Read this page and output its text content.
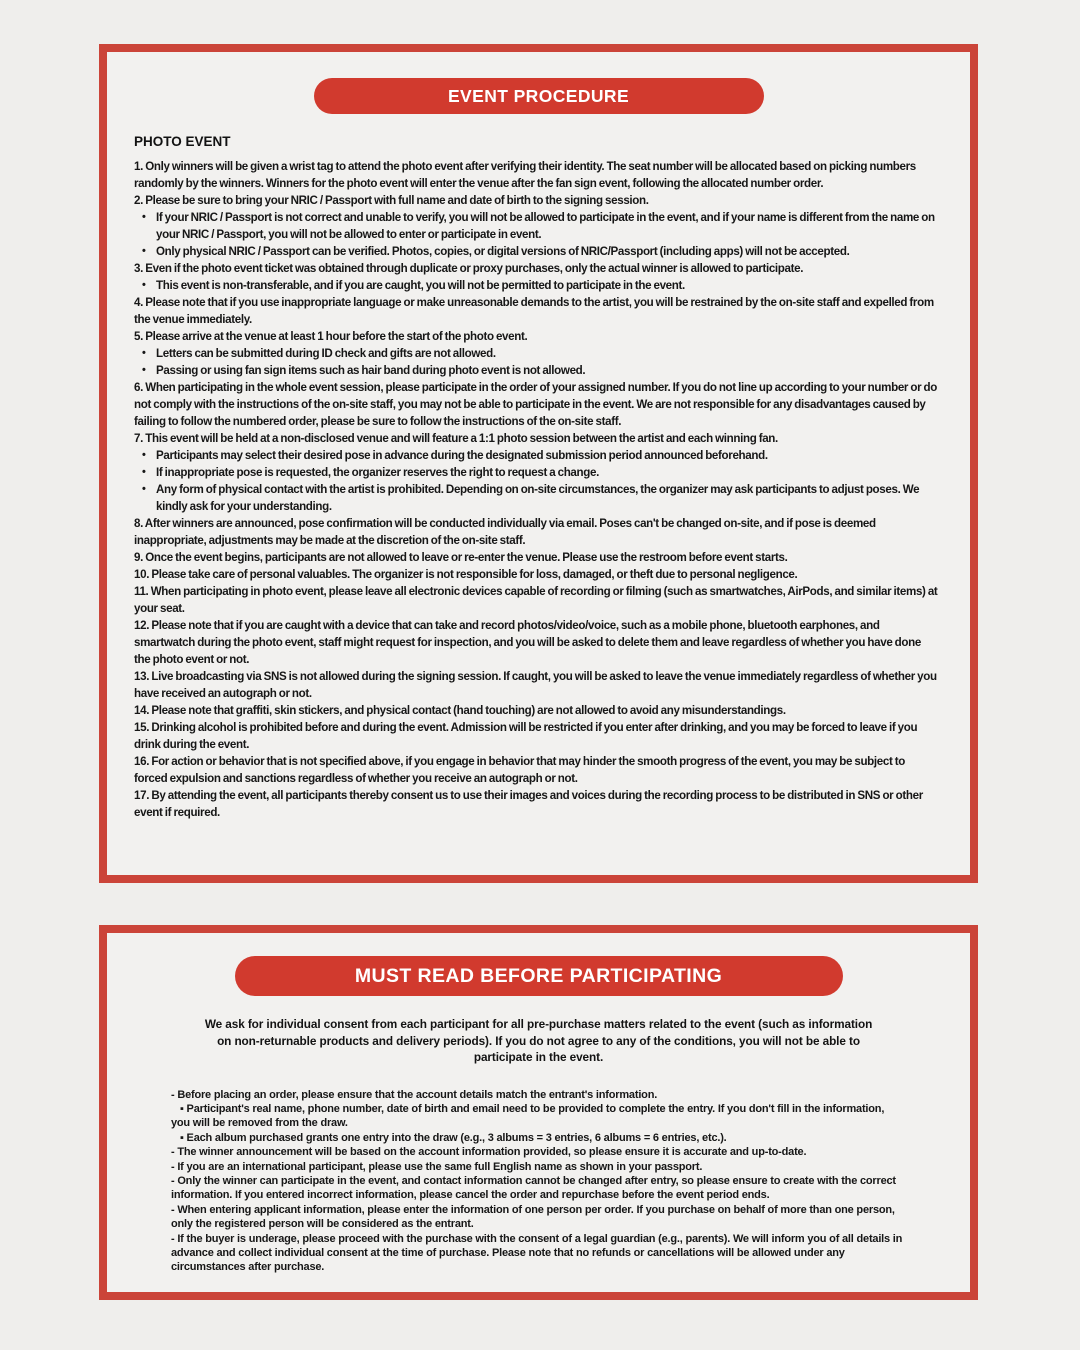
EVENT PROCEDURE
PHOTO EVENT

1. Only winners will be given a wrist tag to attend the photo event after verifying their identity. The seat number will be allocated based on picking numbers randomly by the winners. Winners for the photo event will enter the venue after the fan sign event, following the allocated number order.

2. Please be sure to bring your NRIC / Passport with full name and date of birth to the signing session.

• If your NRIC / Passport is not correct and unable to verify, you will not be allowed to participate in the event, and if your name is different from the name on your NRIC / Passport, you will not be allowed to enter or participate in event.

• Only physical NRIC / Passport can be verified. Photos, copies, or digital versions of NRIC/Passport (including apps) will not be accepted.

3. Even if the photo event ticket was obtained through duplicate or proxy purchases, only the actual winner is allowed to participate.

• This event is non-transferable, and if you are caught, you will not be permitted to participate in the event.

4. Please note that if you use inappropriate language or make unreasonable demands to the artist, you will be restrained by the on-site staff and expelled from the venue immediately.

5. Please arrive at the venue at least 1 hour before the start of the photo event.

• Letters can be submitted during ID check and gifts are not allowed.

• Passing or using fan sign items such as hair band during photo event is not allowed.

6. When participating in the whole event session, please participate in the order of your assigned number. If you do not line up according to your number or do not comply with the instructions of the on-site staff, you may not be able to participate in the event. We are not responsible for any disadvantages caused by failing to follow the numbered order, please be sure to follow the instructions of the on-site staff.

7. This event will be held at a non-disclosed venue and will feature a 1:1 photo session between the artist and each winning fan.

• Participants may select their desired pose in advance during the designated submission period announced beforehand.

• If inappropriate pose is requested, the organizer reserves the right to request a change.

• Any form of physical contact with the artist is prohibited. Depending on on-site circumstances, the organizer may ask participants to adjust poses. We kindly ask for your understanding.

8. After winners are announced, pose confirmation will be conducted individually via email. Poses can't be changed on-site, and if pose is deemed inappropriate, adjustments may be made at the discretion of the on-site staff.

9. Once the event begins, participants are not allowed to leave or re-enter the venue. Please use the restroom before event starts.

10. Please take care of personal valuables. The organizer is not responsible for loss, damaged, or theft due to personal negligence.

11. When participating in photo event, please leave all electronic devices capable of recording or filming (such as smartwatches, AirPods, and similar items) at your seat.

12. Please note that if you are caught with a device that can take and record photos/video/voice, such as a mobile phone, bluetooth earphones, and smartwatch during the photo event, staff might request for inspection, and you will be asked to delete them and leave regardless of whether you have done the photo event or not.

13. Live broadcasting via SNS is not allowed during the signing session. If caught, you will be asked to leave the venue immediately regardless of whether you have received an autograph or not.

14. Please note that graffiti, skin stickers, and physical contact (hand touching) are not allowed to avoid any misunderstandings.

15. Drinking alcohol is prohibited before and during the event. Admission will be restricted if you enter after drinking, and you may be forced to leave if you drink during the event.

16. For action or behavior that is not specified above, if you engage in behavior that may hinder the smooth progress of the event, you may be subject to forced expulsion and sanctions regardless of whether you receive an autograph or not.

17. By attending the event, all participants thereby consent us to use their images and voices during the recording process to be distributed in SNS or other event if required.

MUST READ BEFORE PARTICIPATING

We ask for individual consent from each participant for all pre-purchase matters related to the event (such as information on non-returnable products and delivery periods). If you do not agree to any of the conditions, you will not be able to participate in the event.

- Before placing an order, please ensure that the account details match the entrant's information.

▪ Participant's real name, phone number, date of birth and email need to be provided to complete the entry. If you don't fill in the information, you will be removed from the draw.

▪ Each album purchased grants one entry into the draw (e.g., 3 albums = 3 entries, 6 albums = 6 entries, etc.).

- The winner announcement will be based on the account information provided, so please ensure it is accurate and up-to-date.

- If you are an international participant, please use the same full English name as shown in your passport.

- Only the winner can participate in the event, and contact information cannot be changed after entry, so please ensure to create with the correct information. If you entered incorrect information, please cancel the order and repurchase before the event period ends.

- When entering applicant information, please enter the information of one person per order. If you purchase on behalf of more than one person, only the registered person will be considered as the entrant.

- If the buyer is underage, please proceed with the purchase with the consent of a legal guardian (e.g., parents). We will inform you of all details in advance and collect individual consent at the time of purchase. Please note that no refunds or cancellations will be allowed under any circumstances after purchase.
